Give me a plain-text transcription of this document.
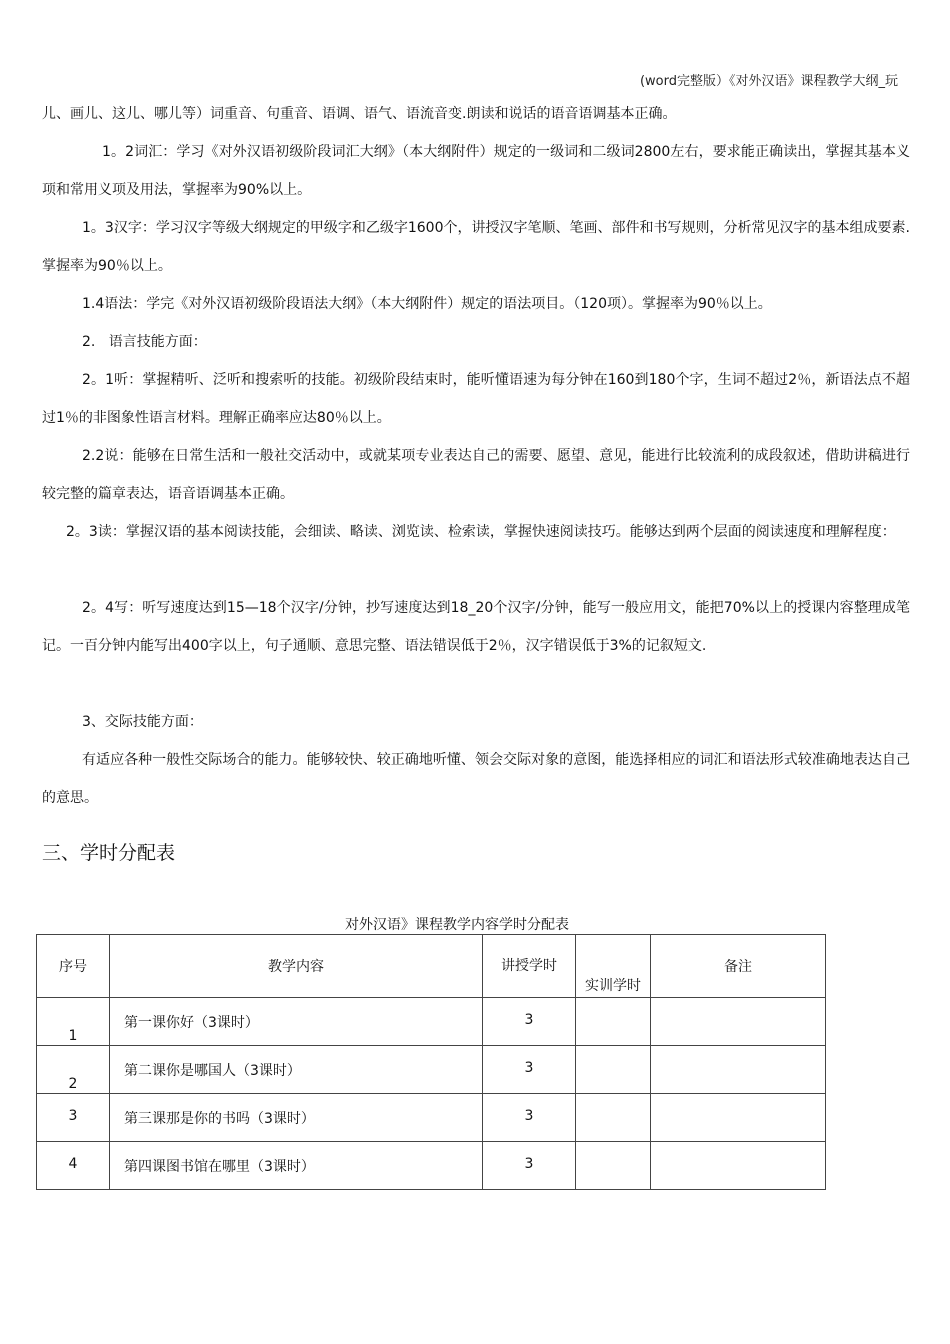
(word完整版）《对外汉语》课程教学大纲_玩

儿、画儿、这儿、哪儿等）词重音、句重音、语调、语气、语流音变.朗读和说话的语音语调基本正确。

1。2词汇：学习《对外汉语初级阶段词汇大纲》（本大纲附件）规定的一级词和二级词2800左右，要求能正确读出，掌握其基本义项和常用义项及用法，掌握率为90%以上。

1。3汉字：学习汉字等级大纲规定的甲级字和乙级字1600个，讲授汉字笔顺、笔画、部件和书写规则，分析常见汉字的基本组成要素.掌握率为90％以上。

1.4语法：学完《对外汉语初级阶段语法大纲》（本大纲附件）规定的语法项目。（120项）。掌握率为90％以上。

2.   语言技能方面：

2。1听：掌握精听、泛听和搜索听的技能。初级阶段结束时，能听懂语速为每分钟在160到180个字，生词不超过2％，新语法点不超过1％的非图象性语言材料。理解正确率应达80％以上。

2.2说：能够在日常生活和一般社交活动中，或就某项专业表达自己的需要、愿望、意见，能进行比较流利的成段叙述，借助讲稿进行较完整的篇章表达，语音语调基本正确。

2。3读：掌握汉语的基本阅读技能，会细读、略读、浏览读、检索读，掌握快速阅读技巧。能够达到两个层面的阅读速度和理解程度：

2。4写：听写速度达到15—18个汉字/分钟，抄写速度达到18_20个汉字/分钟，能写一般应用文，能把70%以上的授课内容整理成笔记。一百分钟内能写出400字以上，句子通顺、意思完整、语法错误低于2％，汉字错误低于3%的记叙短文.

3、交际技能方面：

有适应各种一般性交际场合的能力。能够较快、较正确地听懂、领会交际对象的意图，能选择相应的词汇和语法形式较准确地表达自己的意思。

三、学时分配表
对外汉语》课程教学内容学时分配表
序号	教学内容	讲授学时	实训学时	备注
1	第一课你好（3课时）	3		
2	第二课你是哪国人（3课时）	3		
3	第三课那是你的书吗（3课时）	3		
4	第四课图书馆在哪里（3课时）	3		
